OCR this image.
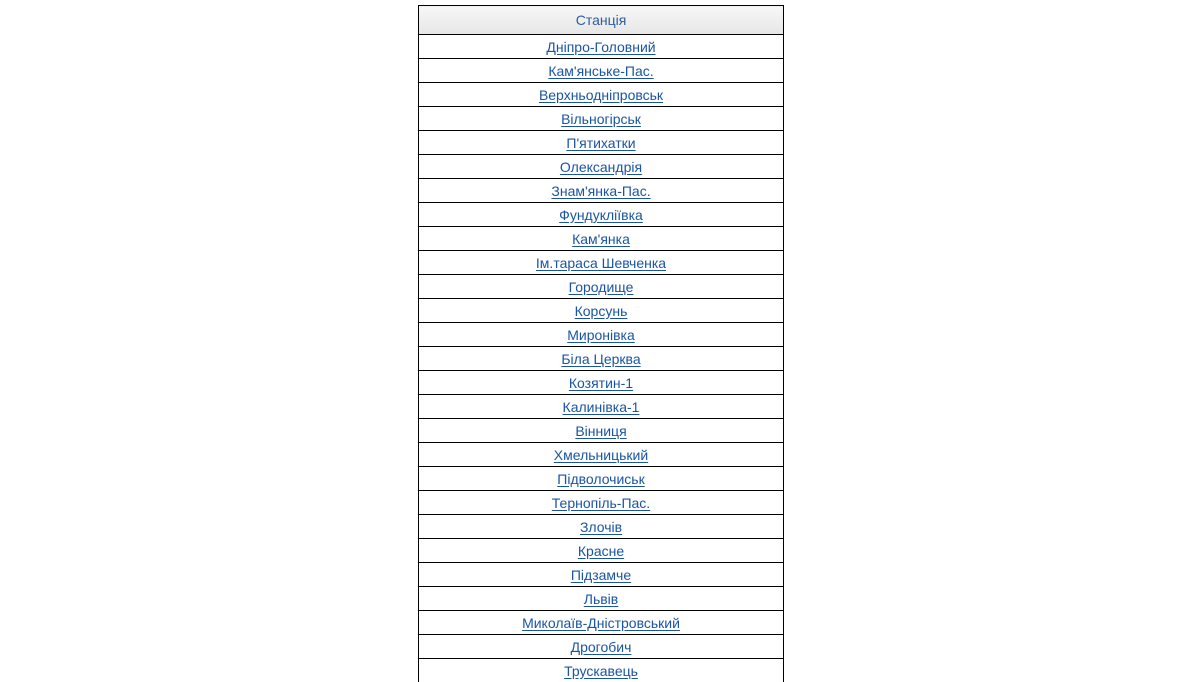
Станція
Дніпро-Головний
Кам'янське-Пас.
Верхньодніпровськ
Вільногірськ
П'ятихатки
Олександрія
Знам'янка-Пас.
Фундуклiївка
Кам'янка
Ім.тараса Шевченка
Городище
Корсунь
Миронiвка
Біла Церква
Козятин-1
Калинівка-1
Вінниця
Хмельницький
Підволочиськ
Тернопіль-Пас.
Злочів
Красне
Підзамче
Львів
Миколаїв-Дністровський
Дрогобич
Трускавець
